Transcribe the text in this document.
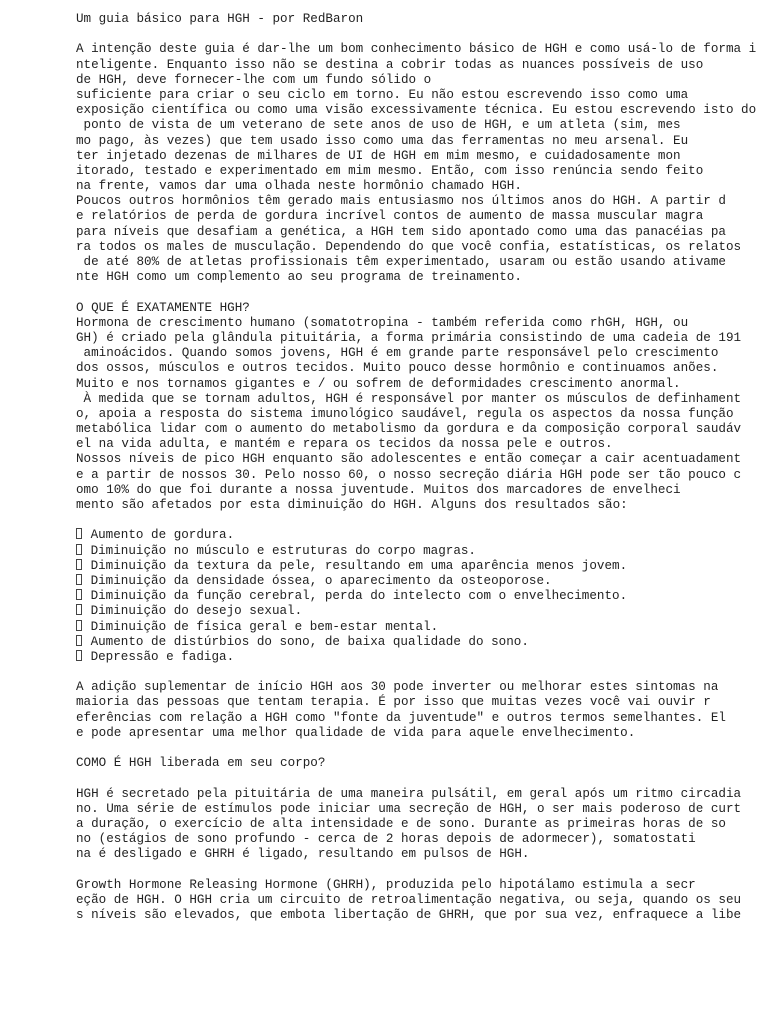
Um guia básico para HGH - por RedBaron
A intenção deste guia é dar-lhe um bom conhecimento básico de HGH e como usá-lo de forma i
nteligente. Enquanto isso não se destina a cobrir todas as nuances possíveis de uso
de HGH, deve fornecer-lhe com um fundo sólido o
suficiente para criar o seu ciclo em torno. Eu não estou escrevendo isso como uma
exposição científica ou como uma visão excessivamente técnica. Eu estou escrevendo isto do
ponto de vista de um veterano de sete anos de uso de HGH, e um atleta (sim, mes
mo pago, às vezes) que tem usado isso como uma das ferramentas no meu arsenal. Eu
ter injetado dezenas de milhares de UI de HGH em mim mesmo, e cuidadosamente mon
itorado, testado e experimentado em mim mesmo. Então, com isso renúncia sendo feito
na frente, vamos dar uma olhada neste hormônio chamado HGH.
Poucos outros hormônios têm gerado mais entusiasmo nos últimos anos do HGH. A partir d
e relatórios de perda de gordura incrível contos de aumento de massa muscular magra
para níveis que desafiam a genética, a HGH tem sido apontado como uma das panacéias pa
ra todos os males de musculação. Dependendo do que você confia, estatísticas, os relatos
de até 80% de atletas profissionais têm experimentado, usaram ou estão usando ativame
nte HGH como um complemento ao seu programa de treinamento.
O QUE É EXATAMENTE HGH?
Hormona de crescimento humano (somatotropina - também referida como rhGH, HGH, ou
GH) é criado pela glândula pituitária, a forma primária consistindo de uma cadeia de 191
aminoácidos. Quando somos jovens, HGH é em grande parte responsável pelo crescimento
dos ossos, músculos e outros tecidos. Muito pouco desse hormônio e continuamos anões.
Muito e nos tornamos gigantes e / ou sofrem de deformidades crescimento anormal.
À medida que se tornam adultos, HGH é responsável por manter os músculos de definhament
o, apoia a resposta do sistema imunológico saudável, regula os aspectos da nossa função
metabólica lidar com o aumento do metabolismo da gordura e da composição corporal saudáv
el na vida adulta, e mantém e repara os tecidos da nossa pele e outros.
Nossos níveis de pico HGH enquanto são adolescentes e então começar a cair acentuadament
e a partir de nossos 30. Pelo nosso 60, o nosso secreção diária HGH pode ser tão pouco c
omo 10% do que foi durante a nossa juventude. Muitos dos marcadores de envelheci
mento são afetados por esta diminuição do HGH. Alguns dos resultados são:
Aumento de gordura.
Diminuição no músculo e estruturas do corpo magras.
Diminuição da textura da pele, resultando em uma aparência menos jovem.
Diminuição da densidade óssea, o aparecimento da osteoporose.
Diminuição da função cerebral, perda do intelecto com o envelhecimento.
Diminuição do desejo sexual.
Diminuição de física geral e bem-estar mental.
Aumento de distúrbios do sono, de baixa qualidade do sono.
Depressão e fadiga.
A adição suplementar de início HGH aos 30 pode inverter ou melhorar estes sintomas na
maioria das pessoas que tentam terapia. É por isso que muitas vezes você vai ouvir r
eferências com relação a HGH como "fonte da juventude" e outros termos semelhantes. El
e pode apresentar uma melhor qualidade de vida para aquele envelhecimento.
COMO É HGH liberada em seu corpo?
HGH é secretado pela pituitária de uma maneira pulsátil, em geral após um ritmo circadia
no. Uma série de estímulos pode iniciar uma secreção de HGH, o ser mais poderoso de curt
a duração, o exercício de alta intensidade e de sono. Durante as primeiras horas de so
no (estágios de sono profundo - cerca de 2 horas depois de adormecer), somatostati
na é desligado e GHRH é ligado, resultando em pulsos de HGH.
Growth Hormone Releasing Hormone (GHRH), produzida pelo hipotálamo estimula a secr
eção de HGH. O HGH cria um circuito de retroalimentação negativa, ou seja, quando os seu
s níveis são elevados, que embota libertação de GHRH, que por sua vez, enfraquece a libe
